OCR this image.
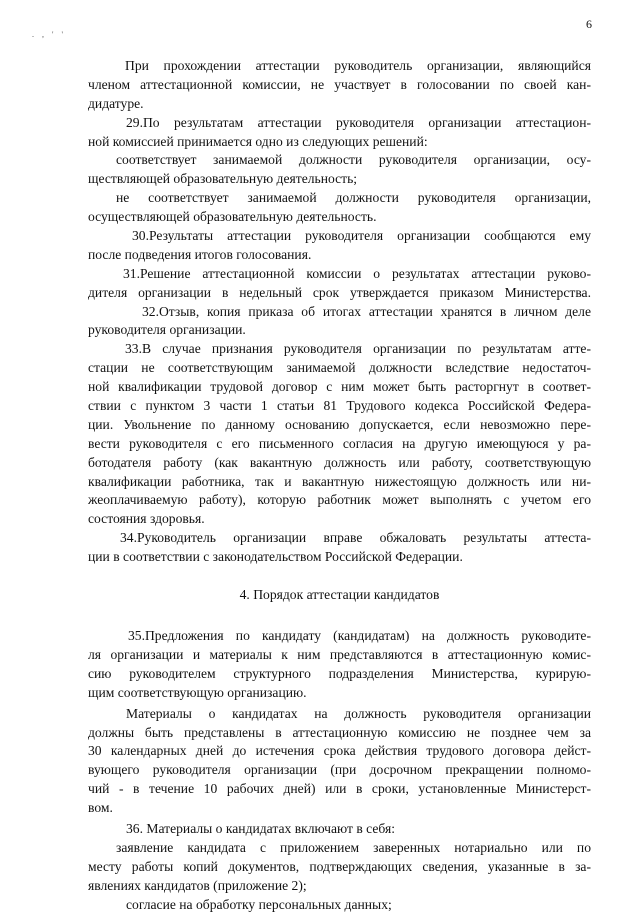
6
. , ' '
При прохождении аттестации руководитель организации, являющийся
членом аттестационной комиссии, не участвует в голосовании по своей кан-
дидатуре.
29.По результатам аттестации руководителя организации аттестацион-
ной комиссией принимается одно из следующих решений:
соответствует занимаемой должности руководителя организации, осу-
ществляющей образовательную деятельность;
не соответствует занимаемой должности руководителя организации,
осуществляющей образовательную деятельность.
30.Результаты аттестации руководителя организации сообщаются ему
после подведения итогов голосования.
31.Решение аттестационной комиссии о результатах аттестации руково-
дителя организации в недельный срок утверждается приказом Министерства.
32.Отзыв, копия приказа об итогах аттестации хранятся в личном деле
руководителя организации.
33.В случае признания руководителя организации по результатам атте-
стации не соответствующим занимаемой должности вследствие недостаточ-
ной квалификации трудовой договор с ним может быть расторгнут в соответ-
ствии с пунктом 3 части 1 статьи 81 Трудового кодекса Российской Федера-
ции. Увольнение по данному основанию допускается, если невозможно пере-
вести руководителя с его письменного согласия на другую имеющуюся у ра-
ботодателя работу (как вакантную должность или работу, соответствующую
квалификации работника, так и вакантную нижестоящую должность или ни-
жеоплачиваемую работу), которую работник может выполнять с учетом его
состояния здоровья.
34.Руководитель организации вправе обжаловать результаты аттеста-
ции в соответствии с законодательством Российской Федерации.
4. Порядок аттестации кандидатов
35.Предложения по кандидату (кандидатам) на должность руководите-
ля организации и материалы к ним представляются в аттестационную комис-
сию руководителем структурного подразделения Министерства, курирую-
щим соответствующую организацию.
Материалы о кандидатах на должность руководителя организации
должны быть представлены в аттестационную комиссию не позднее чем за
30 календарных дней до истечения срока действия трудового договора дейст-
вующего руководителя организации (при досрочном прекращении полномо-
чий - в течение 10 рабочих дней) или в сроки, установленные Министерст-
вом.
36. Материалы о кандидатах включают в себя:
заявление кандидата с приложением заверенных нотариально или по
месту работы копий документов, подтверждающих сведения, указанные в за-
явлениях кандидатов (приложение 2);
согласие на обработку персональных данных;
